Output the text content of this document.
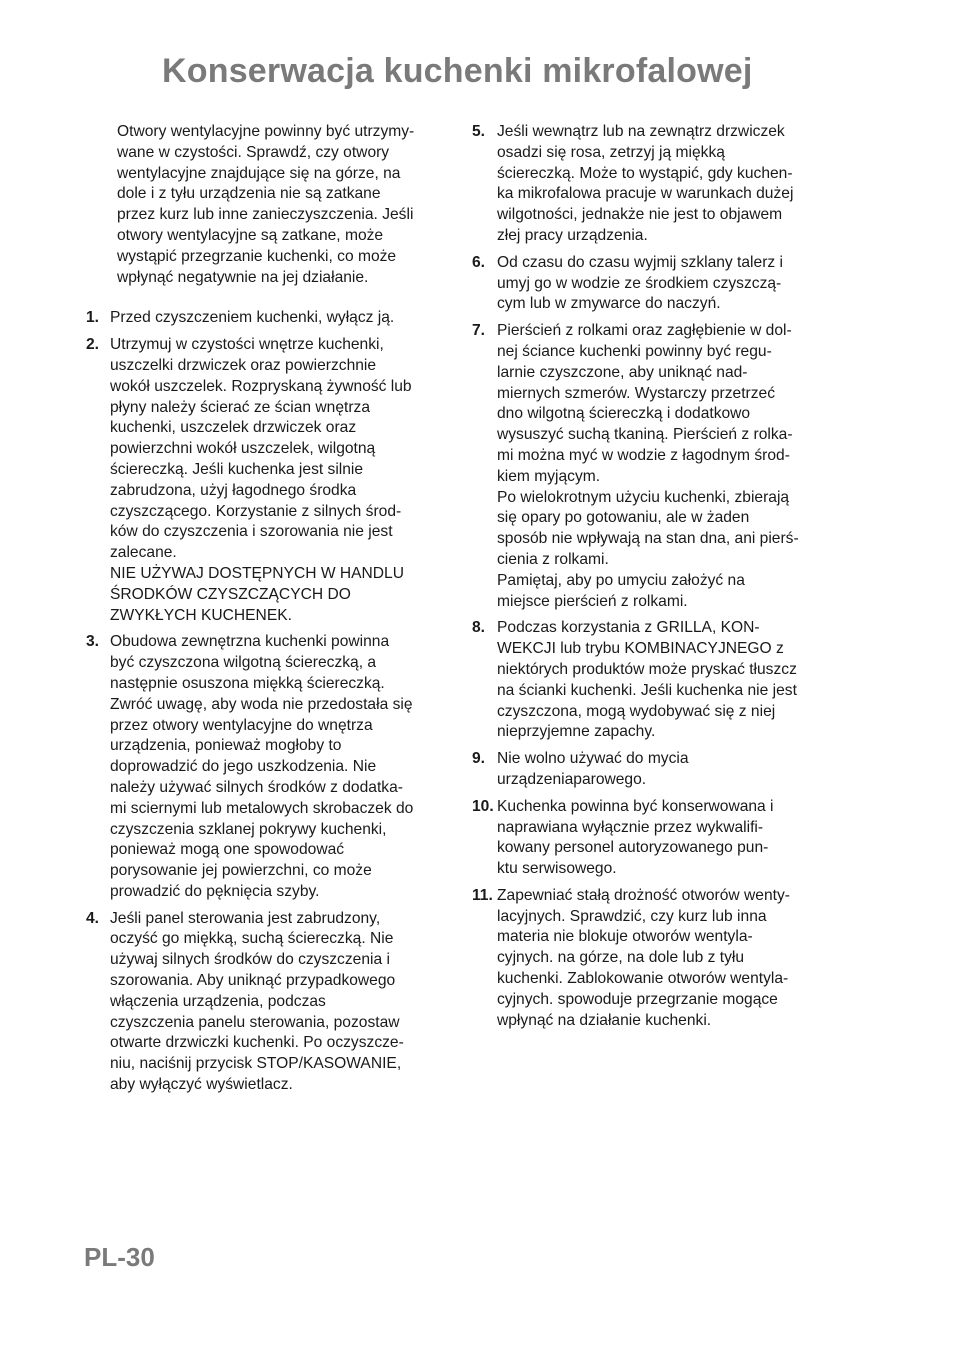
Konserwacja kuchenki mikrofalowej

Otwory wentylacyjne powinny być utrzymy-
wane w czystości. Sprawdź, czy otwory
wentylacyjne znajdujące się na górze, na
dole i z tyłu urządzenia nie są zatkane
przez kurz lub inne zanieczyszczenia. Jeśli
otwory wentylacyjne są zatkane, może
wystąpić przegrzanie kuchenki, co może
wpłynąć negatywnie na jej działanie.

1. Przed czyszczeniem kuchenki, wyłącz ją.
2. Utrzymuj w czystości wnętrze kuchenki,
uszczelki drzwiczek oraz powierzchnie
wokół uszczelek. Rozpryskaną żywność lub
płyny należy ścierać ze ścian wnętrza
kuchenki, uszczelek drzwiczek oraz
powierzchni wokół uszczelek, wilgotną
ściereczką. Jeśli kuchenka jest silnie
zabrudzona, użyj łagodnego środka
czyszczącego. Korzystanie z silnych środ-
ków do czyszczenia i szorowania nie jest
zalecane.
NIE UŻYWAJ DOSTĘPNYCH W HANDLU
ŚRODKÓW CZYSZCZĄCYCH DO
ZWYKŁYCH KUCHENEK.
3. Obudowa zewnętrzna kuchenki powinna
być czyszczona wilgotną ściereczką, a
następnie osuszona miękką ściereczką.
Zwróć uwagę, aby woda nie przedostała się
przez otwory wentylacyjne do wnętrza
urządzenia, ponieważ mogłoby to
doprowadzić do jego uszkodzenia. Nie
należy używać silnych środków z dodatka-
mi sciernymi lub metalowych skrobaczek do
czyszczenia szklanej pokrywy kuchenki,
ponieważ mogą one spowodować
porysowanie jej powierzchni, co może
prowadzić do pęknięcia szyby.
4. Jeśli panel sterowania jest zabrudzony,
oczyść go miękką, suchą ściereczką. Nie
używaj silnych środków do czyszczenia i
szorowania. Aby uniknąć przypadkowego
włączenia urządzenia, podczas
czyszczenia panelu sterowania, pozostaw
otwarte drzwiczki kuchenki. Po oczyszcze-
niu, naciśnij przycisk STOP/KASOWANIE,
aby wyłączyć wyświetlacz.
5. Jeśli wewnątrz lub na zewnątrz drzwiczek
osadzi się rosa, zetrzyj ją miękką
ściereczką. Może to wystąpić, gdy kuchen-
ka mikrofalowa pracuje w warunkach dużej
wilgotności, jednakże nie jest to objawem
złej pracy urządzenia.
6. Od czasu do czasu wyjmij szklany talerz i
umyj go w wodzie ze środkiem czyszczą-
cym lub w zmywarce do naczyń.
7. Pierścień z rolkami oraz zagłębienie w dol-
nej ściance kuchenki powinny być regu-
larnie czyszczone, aby uniknąć nad-
miernych szmerów. Wystarczy przetrzeć
dno wilgotną ściereczką i dodatkowo
wysuszyć suchą tkaniną. Pierścień z rolka-
mi można myć w wodzie z łagodnym środ-
kiem myjącym.
Po wielokrotnym użyciu kuchenki, zbierają
się opary po gotowaniu, ale w żaden
sposób nie wpływają na stan dna, ani pierś-
cienia z rolkami.
Pamiętaj, aby po umyciu założyć na
miejsce pierścień z rolkami.
8. Podczas korzystania z GRILLA, KON-
WEKCJI lub trybu KOMBINACYJNEGO z
niektórych produktów może pryskać tłuszcz
na ścianki kuchenki. Jeśli kuchenka nie jest
czyszczona, mogą wydobywać się z niej
nieprzyjemne zapachy.
9. Nie wolno używać do mycia
urządzeniaparowego.
10. Kuchenka powinna być konserwowana i
naprawiana wyłącznie przez wykwalifi-
kowany personel autoryzowanego pun-
ktu serwisowego.
11. Zapewniać stałą drożność otworów wenty-
lacyjnych. Sprawdzić, czy kurz lub inna
materia nie blokuje otworów wentyla-
cyjnych. na górze, na dole lub z tyłu
kuchenki. Zablokowanie otworów wentyla-
cyjnych. spowoduje przegrzanie mogące
wpłynąć na działanie kuchenki.

PL-30
